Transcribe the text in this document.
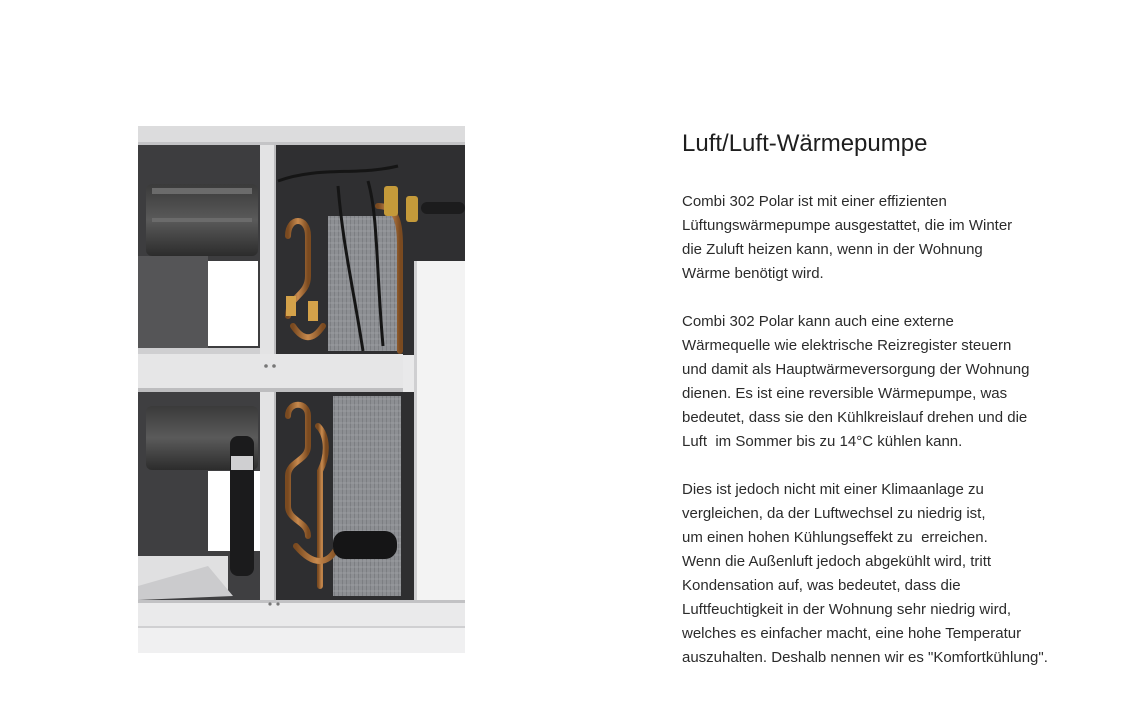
Luft/Luft-Wärmepumpe

Combi 302 Polar ist mit einer effizienten
Lüftungswärmepumpe ausgestattet, die im Winter
die Zuluft heizen kann, wenn in der Wohnung
Wärme benötigt wird.

Combi 302 Polar kann auch eine externe
Wärmequelle wie elektrische Reizregister steuern
und damit als Hauptwärmeversorgung der Wohnung
dienen. Es ist eine reversible Wärmepumpe, was
bedeutet, dass sie den Kühlkreislauf drehen und die
Luft  im Sommer bis zu 14°C kühlen kann.

Dies ist jedoch nicht mit einer Klimaanlage zu
vergleichen, da der Luftwechsel zu niedrig ist,
um einen hohen Kühlungseffekt zu  erreichen.
Wenn die Außenluft jedoch abgekühlt wird, tritt
Kondensation auf, was bedeutet, dass die
Luftfeuchtigkeit in der Wohnung sehr niedrig wird,
welches es einfacher macht, eine hohe Temperatur
auszuhalten. Deshalb nennen wir es "Komfortkühlung".
